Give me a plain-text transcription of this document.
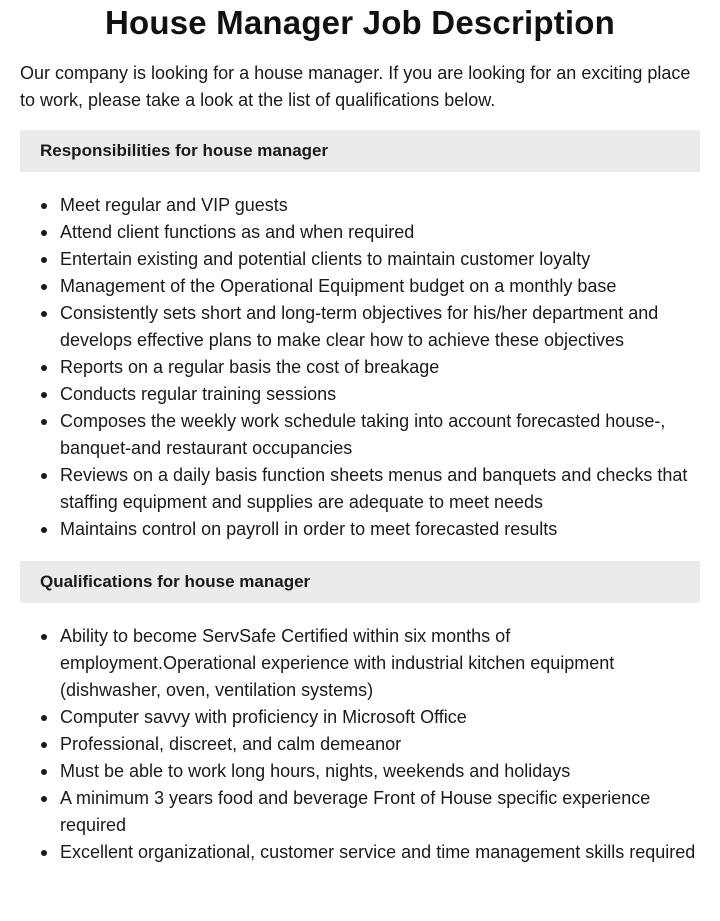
House Manager Job Description

Our company is looking for a house manager. If you are looking for an exciting place to work, please take a look at the list of qualifications below.

Responsibilities for house manager
Meet regular and VIP guests
Attend client functions as and when required
Entertain existing and potential clients to maintain customer loyalty
Management of the Operational Equipment budget on a monthly base
Consistently sets short and long-term objectives for his/her department and develops effective plans to make clear how to achieve these objectives
Reports on a regular basis the cost of breakage
Conducts regular training sessions
Composes the weekly work schedule taking into account forecasted house-, banquet-and restaurant occupancies
Reviews on a daily basis function sheets menus and banquets and checks that staffing equipment and supplies are adequate to meet needs
Maintains control on payroll in order to meet forecasted results
Qualifications for house manager
Ability to become ServSafe Certified within six months of employment.Operational experience with industrial kitchen equipment (dishwasher, oven, ventilation systems)
Computer savvy with proficiency in Microsoft Office
Professional, discreet, and calm demeanor
Must be able to work long hours, nights, weekends and holidays
A minimum 3 years food and beverage Front of House specific experience required
Excellent organizational, customer service and time management skills required
